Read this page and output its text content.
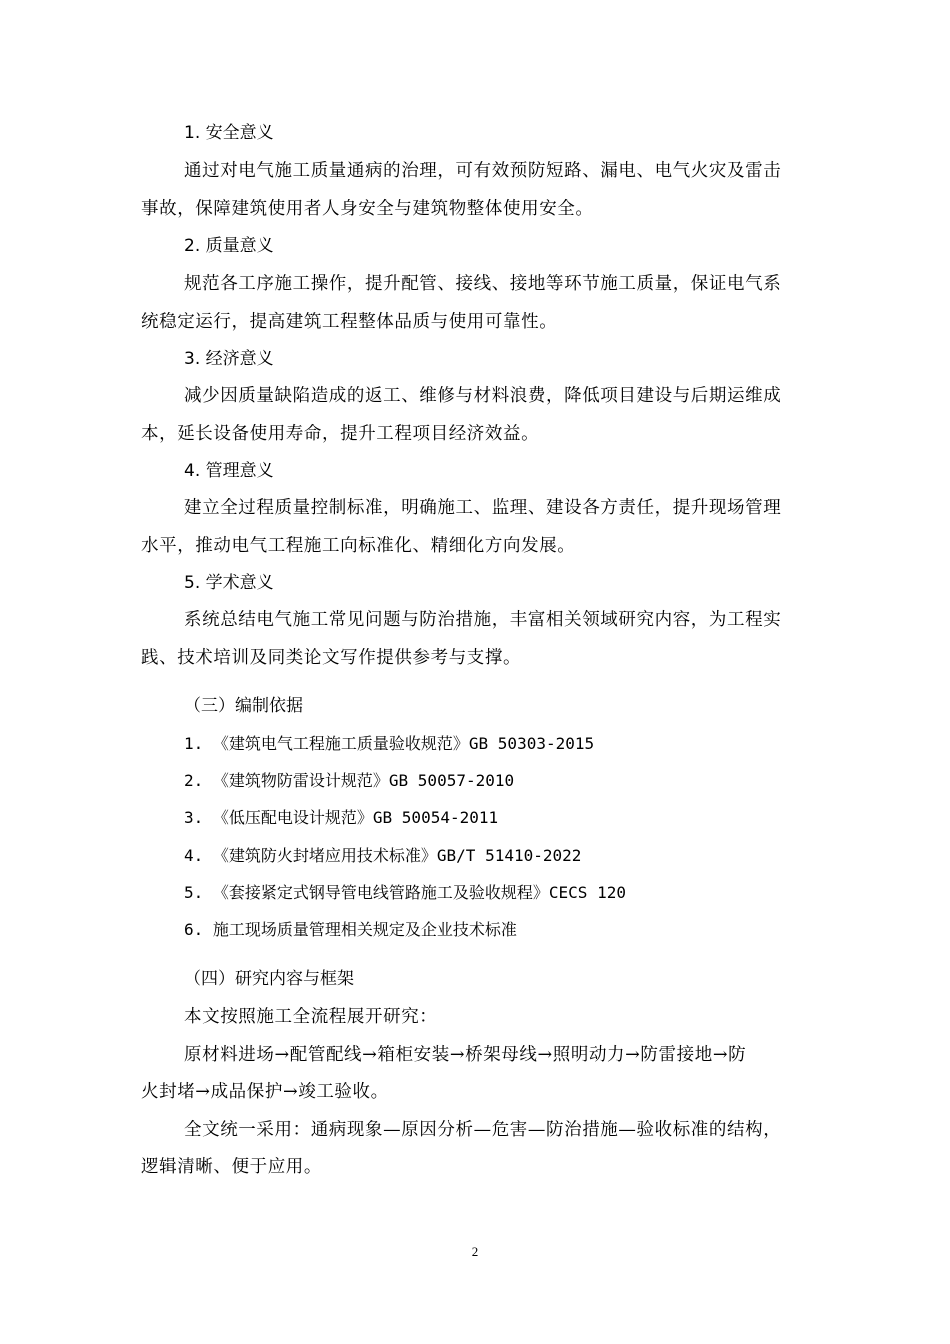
1. 安全意义
通过对电气施工质量通病的治理，可有效预防短路、漏电、电气火灾及雷击
事故，保障建筑使用者人身安全与建筑物整体使用安全。
2. 质量意义
规范各工序施工操作，提升配管、接线、接地等环节施工质量，保证电气系
统稳定运行，提高建筑工程整体品质与使用可靠性。
3. 经济意义
减少因质量缺陷造成的返工、维修与材料浪费，降低项目建设与后期运维成
本，延长设备使用寿命，提升工程项目经济效益。
4. 管理意义
建立全过程质量控制标准，明确施工、监理、建设各方责任，提升现场管理
水平，推动电气工程施工向标准化、精细化方向发展。
5. 学术意义
系统总结电气施工常见问题与防治措施，丰富相关领域研究内容，为工程实
践、技术培训及同类论文写作提供参考与支撑。
（三）编制依据
1. 《建筑电气工程施工质量验收规范》GB 50303-2015
2. 《建筑物防雷设计规范》GB 50057-2010
3. 《低压配电设计规范》GB 50054-2011
4. 《建筑防火封堵应用技术标准》GB/T 51410-2022
5. 《套接紧定式钢导管电线管路施工及验收规程》CECS 120
6. 施工现场质量管理相关规定及企业技术标准
（四）研究内容与框架
本文按照施工全流程展开研究：
原材料进场→配管配线→箱柜安装→桥架母线→照明动力→防雷接地→防
火封堵→成品保护→竣工验收。
全文统一采用：通病现象—原因分析—危害—防治措施—验收标准的结构，
逻辑清晰、便于应用。
2
